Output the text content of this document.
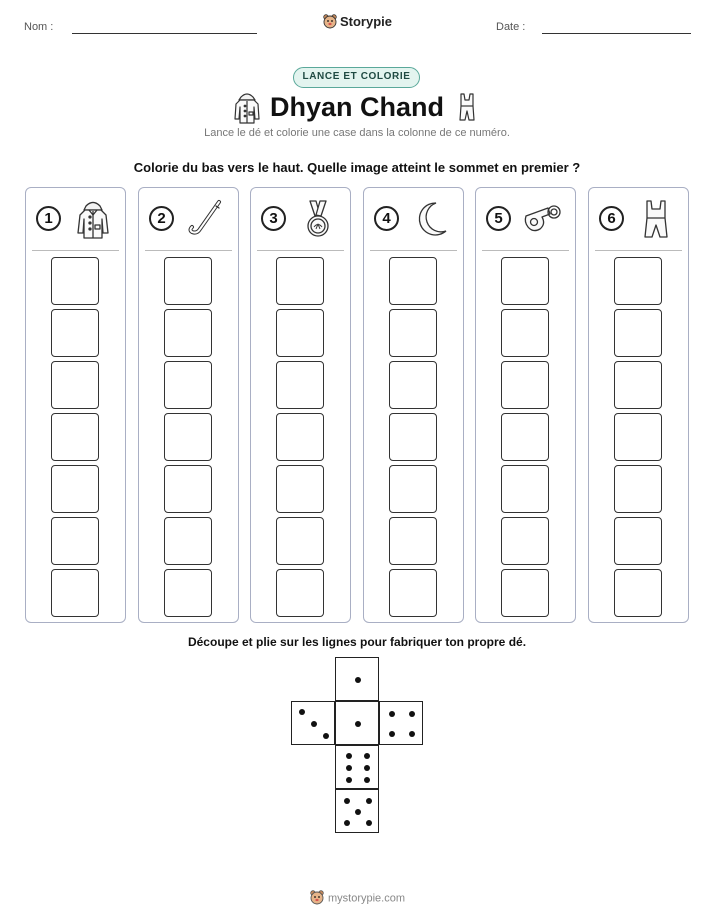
Nom :	Date :
Storypie
LANCE ET COLORIE
Dhyan Chand
Lance le dé et colorie une case dans la colonne de ce numéro.
Colorie du bas vers le haut. Quelle image atteint le sommet en premier ?
1	2	3	4	5	6
Découpe et plie sur les lignes pour fabriquer ton propre dé.
mystorypie.com
